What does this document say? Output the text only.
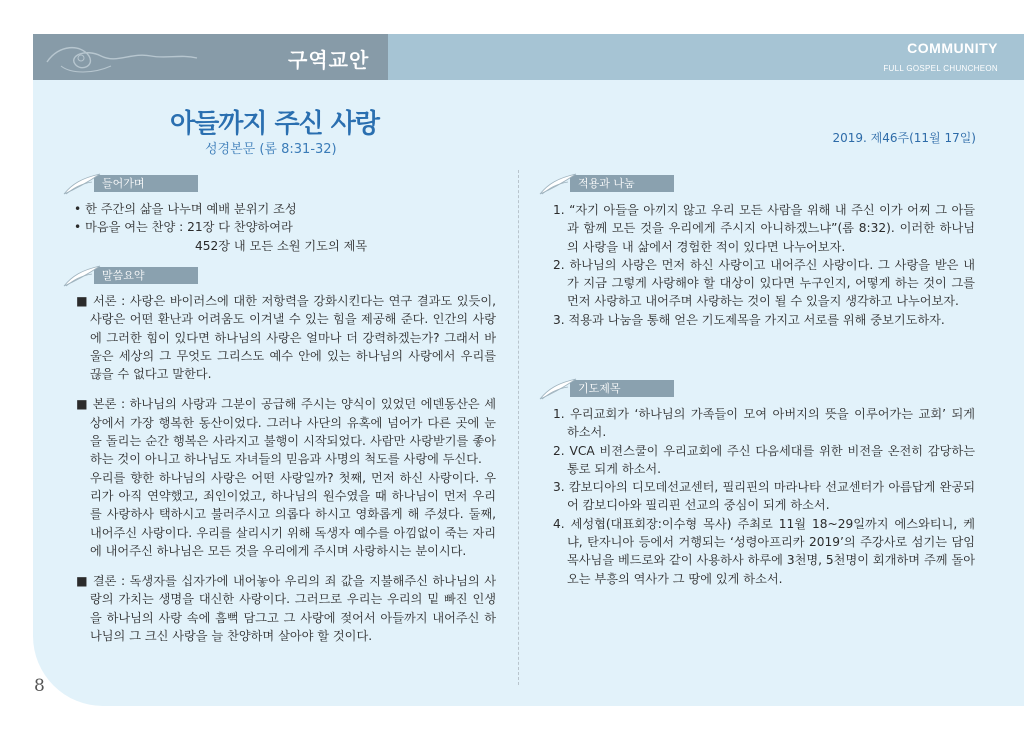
구역교안	COMMUNITY
FULL GOSPEL CHUNCHEON
아들까지 주신 사랑
성경본문 (롬 8:31-32)
2019. 제46주(11월 17일)
들어가며

• 한 주간의 삶을 나누며 예배 분위기 조성

• 마음을 여는 찬양 : 21장 다 찬양하여라

452장 내 모든 소원 기도의 제목

말씀요약

■ 서론 : 사랑은 바이러스에 대한 저항력을 강화시킨다는 연구 결과도 있듯이, 사랑은 어떤 환난과 어려움도 이겨낼 수 있는 힘을 제공해 준다. 인간의 사랑에 그러한 힘이 있다면 하나님의 사랑은 얼마나 더 강력하겠는가? 그래서 바울은 세상의 그 무엇도 그리스도 예수 안에 있는 하나님의 사랑에서 우리를 끊을 수 없다고 말한다.

■ 본론 : 하나님의 사랑과 그분이 공급해 주시는 양식이 있었던 에덴동산은 세상에서 가장 행복한 동산이었다. 그러나 사단의 유혹에 넘어가 다른 곳에 눈을 돌리는 순간 행복은 사라지고 불행이 시작되었다. 사람만 사랑받기를 좋아하는 것이 아니고 하나님도 자녀들의 믿음과 사명의 척도를 사랑에 두신다.

우리를 향한 하나님의 사랑은 어떤 사랑일까? 첫째, 먼저 하신 사랑이다. 우리가 아직 연약했고, 죄인이었고, 하나님의 원수였을 때 하나님이 먼저 우리를 사랑하사 택하시고 불러주시고 의롭다 하시고 영화롭게 해 주셨다. 둘째, 내어주신 사랑이다. 우리를 살리시기 위해 독생자 예수를 아낌없이 죽는 자리에 내어주신 하나님은 모든 것을 우리에게 주시며 사랑하시는 분이시다.

■ 결론 : 독생자를 십자가에 내어놓아 우리의 죄 값을 지불해주신 하나님의 사랑의 가치는 생명을 대신한 사랑이다. 그러므로 우리는 우리의 밑 빠진 인생을 하나님의 사랑 속에 흠뻑 담그고 그 사랑에 젖어서 아들까지 내어주신 하나님의 그 크신 사랑을 늘 찬양하며 살아야 할 것이다.

적용과 나눔

1. “자기 아들을 아끼지 않고 우리 모든 사람을 위해 내 주신 이가 어찌 그 아들과 함께 모든 것을 우리에게 주시지 아니하겠느냐”(롬 8:32). 이러한 하나님의 사랑을 내 삶에서 경험한 적이 있다면 나누어보자.

2. 하나님의 사랑은 먼저 하신 사랑이고 내어주신 사랑이다. 그 사랑을 받은 내가 지금 그렇게 사랑해야 할 대상이 있다면 누구인지, 어떻게 하는 것이 그를 먼저 사랑하고 내어주며 사랑하는 것이 될 수 있을지 생각하고 나누어보자.

3. 적용과 나눔을 통해 얻은 기도제목을 가지고 서로를 위해 중보기도하자.

기도제목

1. 우리교회가 ‘하나님의 가족들이 모여 아버지의 뜻을 이루어가는 교회’ 되게 하소서.

2. VCA 비젼스쿨이 우리교회에 주신 다음세대를 위한 비전을 온전히 감당하는 통로 되게 하소서.

3. 캄보디아의 디모데선교센터, 필리핀의 마라나타 선교센터가 아름답게 완공되어 캄보디아와 필리핀 선교의 중심이 되게 하소서.

4. 세성협(대표회장:이수형 목사) 주최로 11월 18~29일까지 에스와티니, 케냐, 탄자니아 등에서 거행되는 ‘성령아프리카 2019’의 주강사로 섬기는 담임목사님을 베드로와 같이 사용하사 하루에 3천명, 5천명이 회개하며 주께 돌아오는 부흥의 역사가 그 땅에 있게 하소서.

8
